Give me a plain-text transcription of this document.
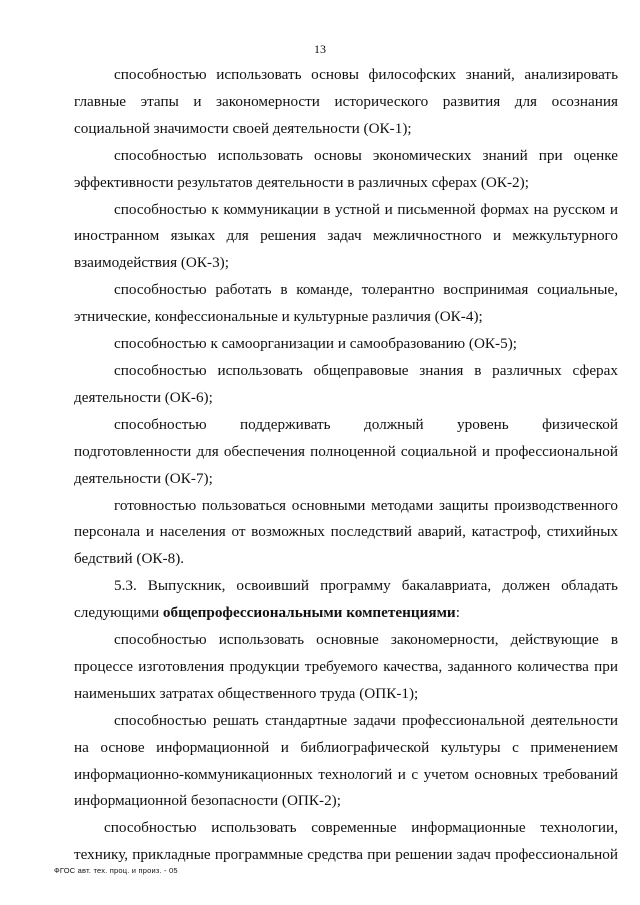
13

способностью использовать основы философских знаний, анализировать главные этапы и закономерности исторического развития для осознания социальной значимости своей деятельности (ОК-1);

способностью использовать основы экономических знаний при оценке эффективности результатов деятельности в различных сферах (ОК-2);

способностью к коммуникации в устной и письменной формах на русском и иностранном языках для решения задач межличностного и межкультурного взаимодействия (ОК-3);

способностью работать в команде, толерантно воспринимая социальные, этнические, конфессиональные и культурные различия (ОК-4);

способностью к самоорганизации и самообразованию (ОК-5);

способностью использовать общеправовые знания в различных сферах деятельности (ОК-6);

способностью поддерживать должный уровень физической подготовленности для обеспечения полноценной социальной и профессиональной деятельности (ОК-7);

готовностью пользоваться основными методами защиты производственного персонала и населения от возможных последствий аварий, катастроф, стихийных бедствий (ОК-8).

5.3. Выпускник, освоивший программу бакалавриата, должен обладать следующими общепрофессиональными компетенциями:

способностью использовать основные закономерности, действующие в процессе изготовления продукции требуемого качества, заданного количества при наименьших затратах общественного труда (ОПК-1);

способностью решать стандартные задачи профессиональной деятельности на основе информационной и библиографической культуры с применением информационно-коммуникационных технологий и с учетом основных требований информационной безопасности (ОПК-2);

способностью использовать современные информационные технологии, технику, прикладные программные средства при решении задач профессиональной

ФГОС авт. тех. проц. и произ. - 05
